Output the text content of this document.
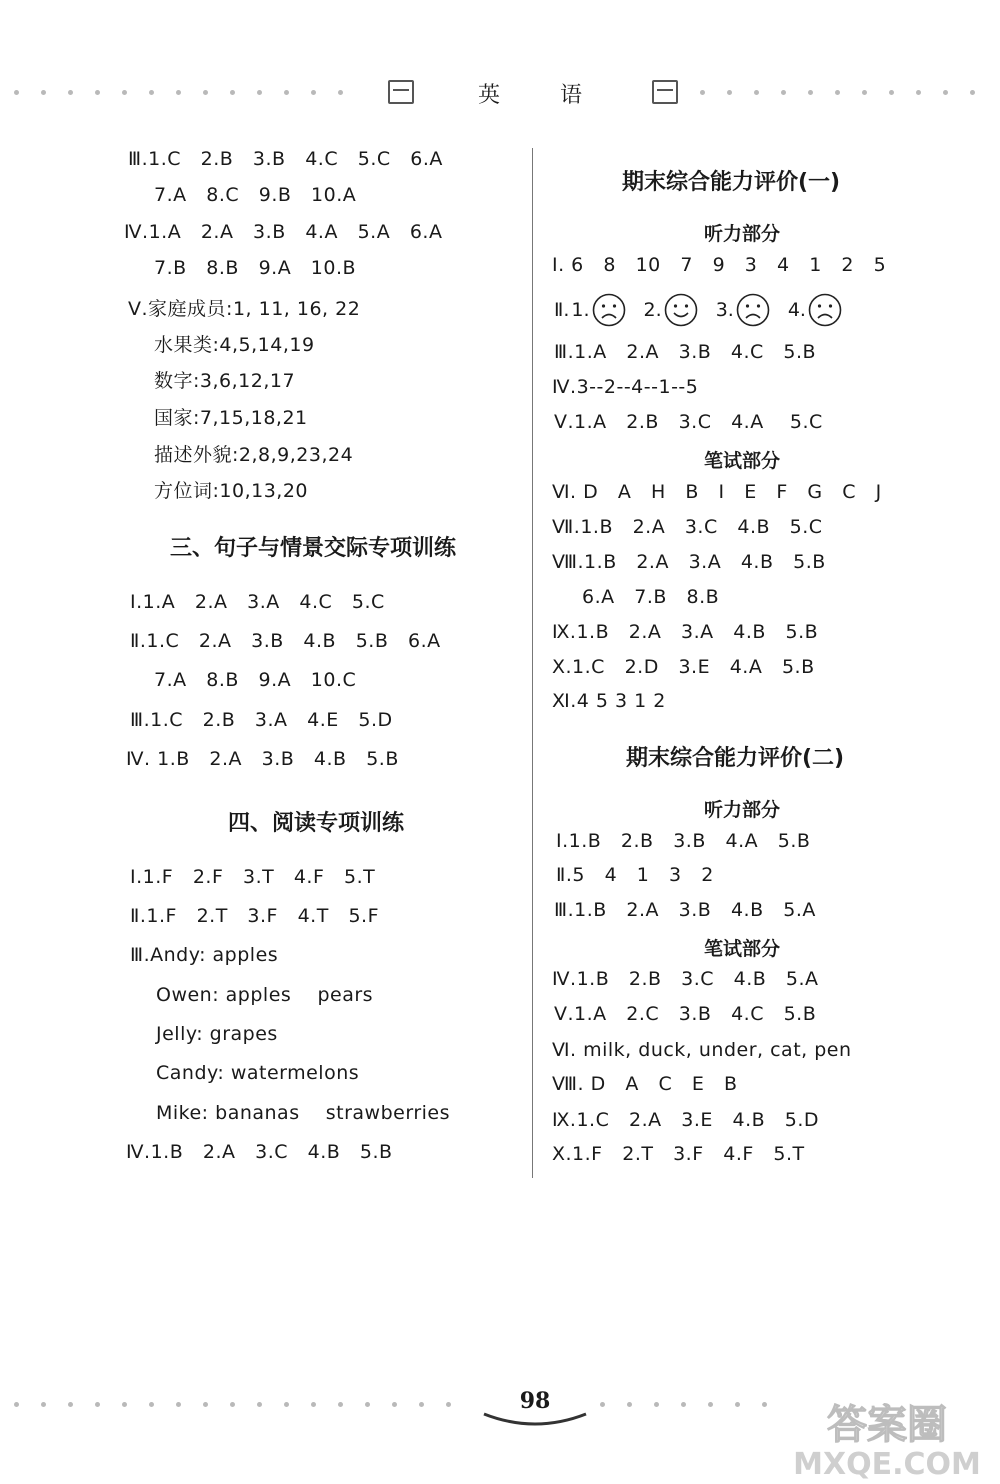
英	语
Ⅲ.1.C   2.B   3.B   4.C   5.C   6.A
7.A   8.C   9.B   10.A
Ⅳ.1.A   2.A   3.B   4.A   5.A   6.A
7.B   8.B   9.A   10.B
Ⅴ.家庭成员:1, 11, 16, 22
水果类:4,5,14,19
数字:3,6,12,17
国家:7,15,18,21
描述外貌:2,8,9,23,24
方位词:10,13,20
三、句子与情景交际专项训练
Ⅰ.1.A   2.A   3.A   4.C   5.C
Ⅱ.1.C   2.A   3.B   4.B   5.B   6.A
7.A   8.B   9.A   10.C
Ⅲ.1.C   2.B   3.A   4.E   5.D
Ⅳ. 1.B   2.A   3.B   4.B   5.B
四、阅读专项训练
Ⅰ.1.F   2.F   3.T   4.F   5.T
Ⅱ.1.F   2.T   3.F   4.T   5.F
Ⅲ.Andy: apples
Owen: apples    pears
Jelly: grapes
Candy: watermelons
Mike: bananas    strawberries
Ⅳ.1.B   2.A   3.C   4.B   5.B
期末综合能力评价(一)
听力部分
Ⅰ. 6   8   10   7   9   3   4   1   2   5
Ⅱ. 1.	2.	3.	4.
Ⅲ.1.A   2.A   3.B   4.C   5.B
Ⅳ.3--2--4--1--5
Ⅴ.1.A   2.B   3.C   4.A    5.C
笔试部分
Ⅵ. D   A   H   B   I   E   F   G   C   J
Ⅶ.1.B   2.A   3.C   4.B   5.C
Ⅷ.1.B   2.A   3.A   4.B   5.B
6.A   7.B   8.B
Ⅸ.1.B   2.A   3.A   4.B   5.B
Ⅹ.1.C   2.D   3.E   4.A   5.B
Ⅺ.4 5 3 1 2
期末综合能力评价(二)
听力部分
Ⅰ.1.B   2.B   3.B   4.A   5.B
Ⅱ.5   4   1   3   2
Ⅲ.1.B   2.A   3.B   4.B   5.A
笔试部分
Ⅳ.1.B   2.B   3.C   4.B   5.A
Ⅴ.1.A   2.C   3.B   4.C   5.B
Ⅵ. milk, duck, under, cat, pen
Ⅷ. D   A   C   E   B
Ⅸ.1.C   2.A   3.E   4.B   5.D
Ⅹ.1.F   2.T   3.F   4.F   5.T
98
答案圈
MXQE.COM
